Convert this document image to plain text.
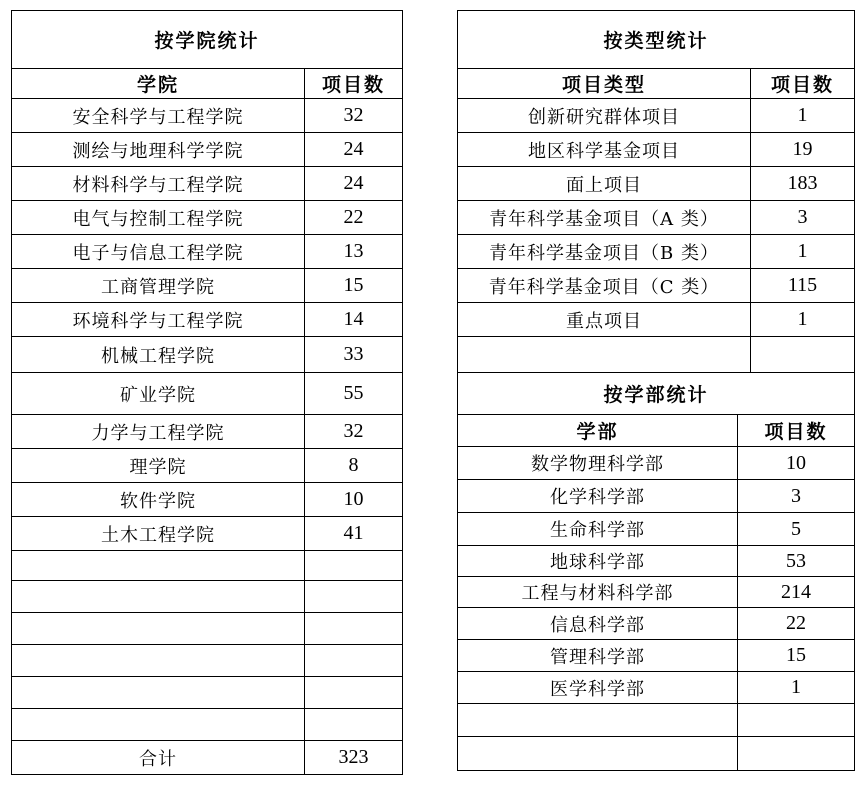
按学院统计	
学院	项目数
安全科学与工程学院	32
测绘与地理科学学院	24
材料科学与工程学院	24
电气与控制工程学院	22
电子与信息工程学院	13
工商管理学院	15
环境科学与工程学院	14
机械工程学院	33
矿业学院	55
力学与工程学院	32
理学院	8
软件学院	10
土木工程学院	41

合计	323
按类型统计		
项目类型		项目数
创新研究群体项目		1
地区科学基金项目		19
面上项目		183
青年科学基金项目（A 类）		3
青年科学基金项目（B 类）		1
青年科学基金项目（C 类）		115
重点项目		1

按学部统计		
学部	项目数	
数学物理科学部	10	
化学科学部	3	
生命科学部	5	
地球科学部	53	
工程与材料科学部	214	
信息科学部	22	
管理科学部	15	
医学科学部	1	
